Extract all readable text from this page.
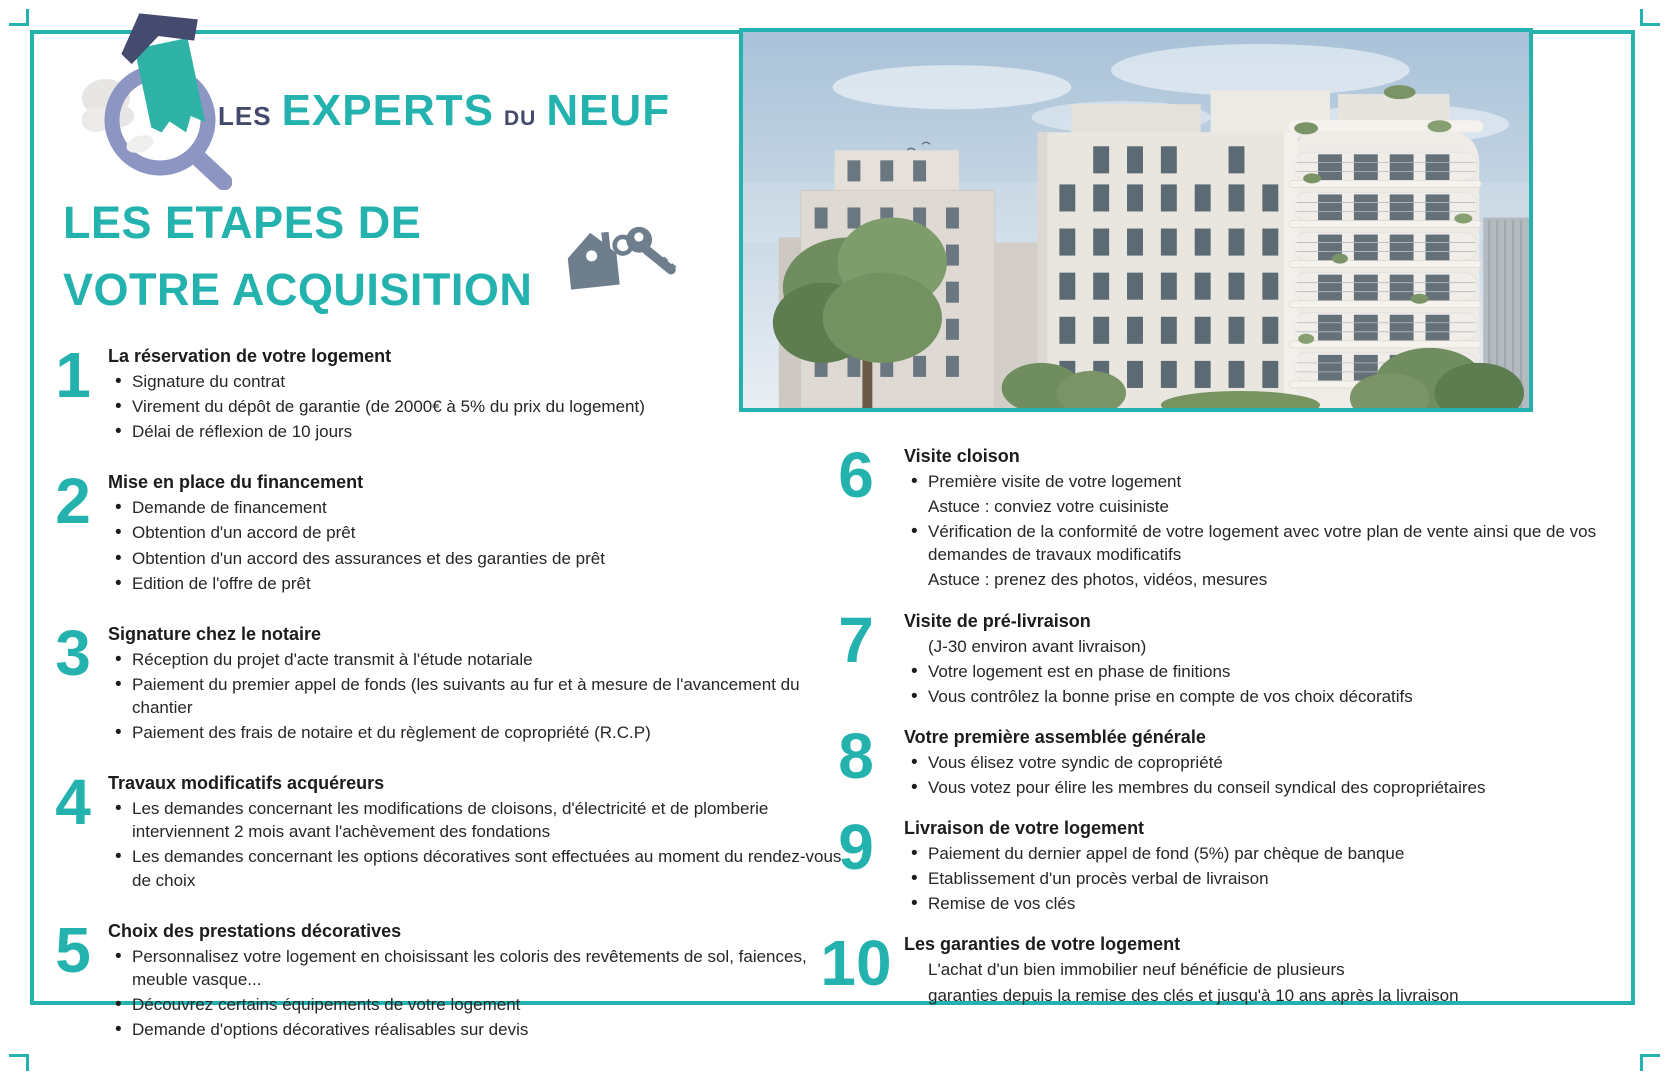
LES EXPERTS DU NEUF
LES ETAPES DE
VOTRE ACQUISITION
1 La réservation de votre logement
• Signature du contrat
• Virement du dépôt de garantie (de 2000€ à 5% du prix du logement)
• Délai de réflexion de 10 jours
2 Mise en place du financement
• Demande de financement
• Obtention d'un accord de prêt
• Obtention d'un accord des assurances et des garanties de prêt
• Edition de l'offre de prêt
3 Signature chez le notaire
• Réception du projet d'acte transmit à l'étude notariale
• Paiement du premier appel de fonds (les suivants au fur et à mesure de l'avancement du chantier
• Paiement des frais de notaire et du règlement de copropriété (R.C.P)
4 Travaux modificatifs acquéreurs
• Les demandes concernant les modifications de cloisons, d'électricité et de plomberie interviennent 2 mois avant l'achèvement des fondations
• Les demandes concernant les options décoratives sont effectuées au moment du rendez-vous de choix
5 Choix des prestations décoratives
• Personnalisez votre logement en choisissant les coloris des revêtements de sol, faiences, meuble vasque...
• Découvrez certains équipements de votre logement
• Demande d'options décoratives réalisables sur devis
6	Visite cloison
• Première visite de votre logement
Astuce : conviez votre cuisiniste
• Vérification de la conformité de votre logement avec votre plan de vente ainsi que de vos demandes de travaux modificatifs
Astuce : prenez des photos, vidéos, mesures
7	Visite de pré-livraison
(J-30 environ avant livraison)
• Votre logement est en phase de finitions
• Vous contrôlez la bonne prise en compte de vos choix décoratifs
8	Votre première assemblée générale
• Vous élisez votre syndic de copropriété
• Vous votez pour élire les membres du conseil syndical des copropriétaires
9	Livraison de votre logement
• Paiement du dernier appel de fond (5%) par chèque de banque
• Etablissement d'un procès verbal de livraison
• Remise de vos clés
10 Les garanties de votre logement
L'achat d'un bien immobilier neuf bénéficie de plusieurs
garanties depuis la remise des clés et jusqu'à 10 ans après la livraison
